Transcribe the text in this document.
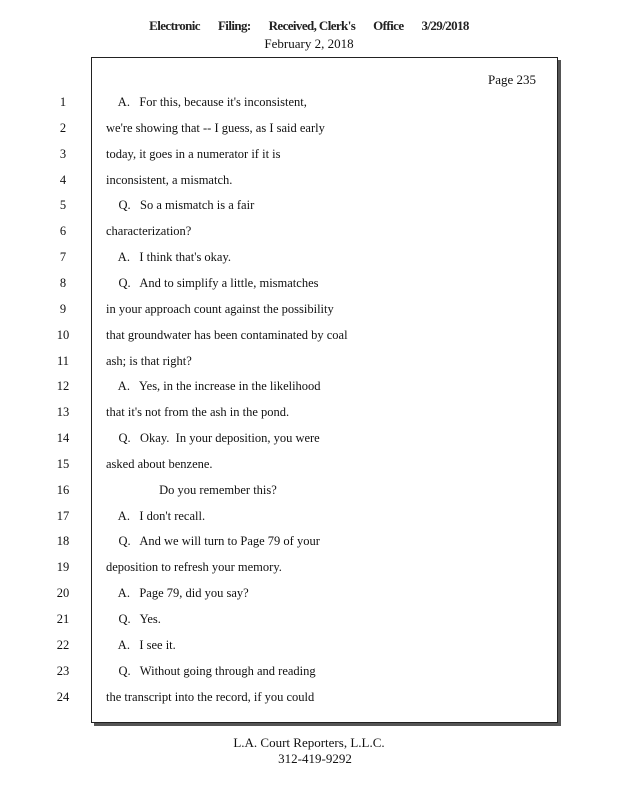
Electronic Filing: Received, Clerk's Office 3/29/2018
February 2, 2018
Page 235
1	A.   For this, because it's inconsistent,
2	we're showing that -- I guess, as I said early
3	today, it goes in a numerator if it is
4	inconsistent, a mismatch.
5	Q.   So a mismatch is a fair
6	characterization?
7	A.   I think that's okay.
8	Q.   And to simplify a little, mismatches
9	in your approach count against the possibility
10	that groundwater has been contaminated by coal
11	ash; is that right?
12	A.   Yes, in the increase in the likelihood
13	that it's not from the ash in the pond.
14	Q.   Okay.  In your deposition, you were
15	asked about benzene.
16	Do you remember this?
17	A.   I don't recall.
18	Q.   And we will turn to Page 79 of your
19	deposition to refresh your memory.
20	A.   Page 79, did you say?
21	Q.   Yes.
22	A.   I see it.
23	Q.   Without going through and reading
24	the transcript into the record, if you could
L.A. Court Reporters, L.L.C.
312-419-9292
